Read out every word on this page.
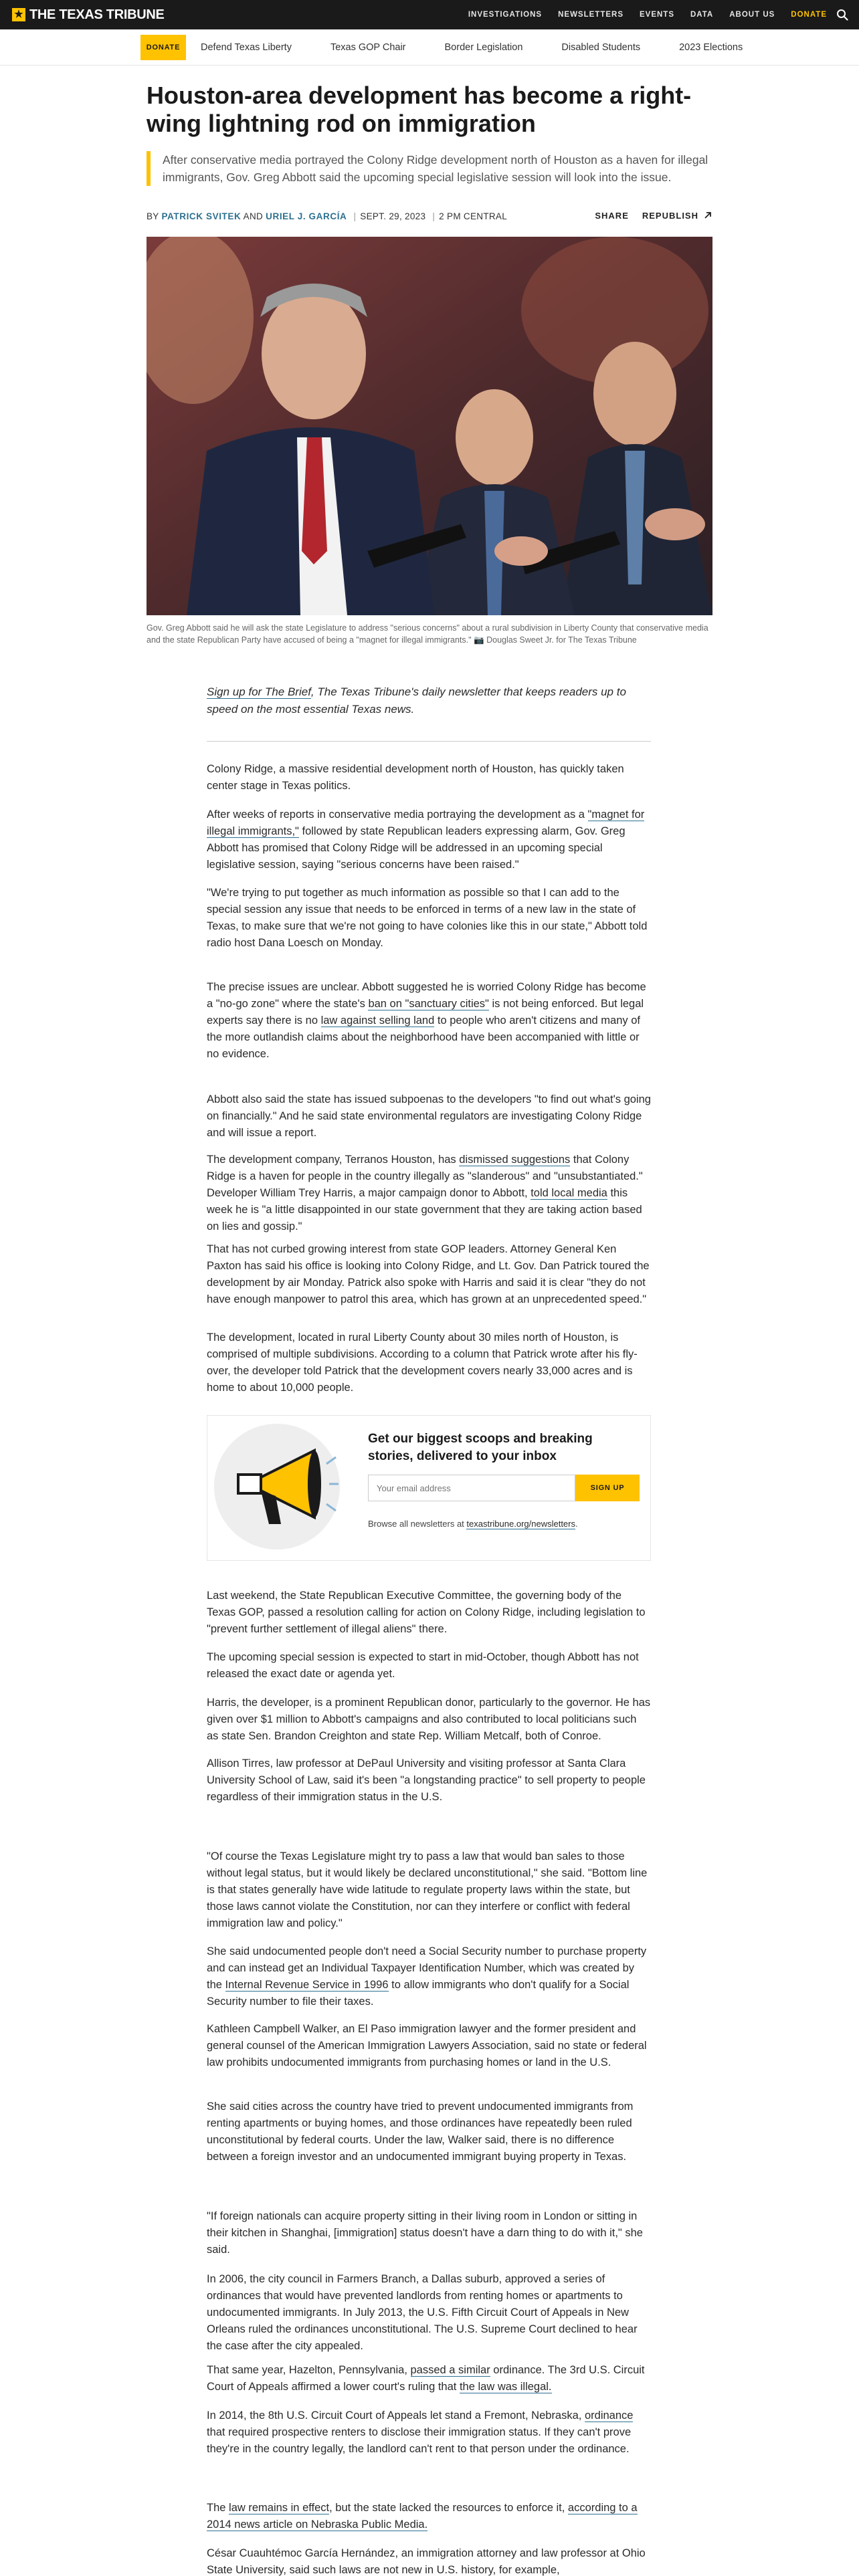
★ THE TEXAS TRIBUNE	INVESTIGATIONS NEWSLETTERS EVENTS DATA ABOUT US DONATE
DONATE	Defend Texas Liberty	Texas GOP Chair	Border Legislation	Disabled Students	2023 Elections
Houston-area development has become a right-wing lightning rod on immigration
After conservative media portrayed the Colony Ridge development north of Houston as a haven for illegal immigrants, Gov. Greg Abbott said the upcoming special legislative session will look into the issue.
BY PATRICK SVITEK AND URIEL J. GARCÍA | SEPT. 29, 2023 | 2 PM CENTRAL	SHARE REPUBLISH
Gov. Greg Abbott said he will ask the state Legislature to address "serious concerns" about a rural subdivision in Liberty County that conservative media and the state Republican Party have accused of being a "magnet for illegal immigrants." 📷 Douglas Sweet Jr. for The Texas Tribune
Sign up for The Brief, The Texas Tribune's daily newsletter that keeps readers up to speed on the most essential Texas news.
Colony Ridge, a massive residential development north of Houston, has quickly taken center stage in Texas politics.
After weeks of reports in conservative media portraying the development as a "magnet for illegal immigrants," followed by state Republican leaders expressing alarm, Gov. Greg Abbott has promised that Colony Ridge will be addressed in an upcoming special legislative session, saying "serious concerns have been raised."
"We're trying to put together as much information as possible so that I can add to the special session any issue that needs to be enforced in terms of a new law in the state of Texas, to make sure that we're not going to have colonies like this in our state," Abbott told radio host Dana Loesch on Monday.
The precise issues are unclear. Abbott suggested he is worried Colony Ridge has become a "no-go zone" where the state's ban on "sanctuary cities" is not being enforced. But legal experts say there is no law against selling land to people who aren't citizens and many of the more outlandish claims about the neighborhood have been accompanied with little or no evidence.
Abbott also said the state has issued subpoenas to the developers "to find out what's going on financially." And he said state environmental regulators are investigating Colony Ridge and will issue a report.
The development company, Terranos Houston, has dismissed suggestions that Colony Ridge is a haven for people in the country illegally as "slanderous" and "unsubstantiated." Developer William Trey Harris, a major campaign donor to Abbott, told local media this week he is "a little disappointed in our state government that they are taking action based on lies and gossip."
That has not curbed growing interest from state GOP leaders. Attorney General Ken Paxton has said his office is looking into Colony Ridge, and Lt. Gov. Dan Patrick toured the development by air Monday. Patrick also spoke with Harris and said it is clear "they do not have enough manpower to patrol this area, which has grown at an unprecedented speed."
The development, located in rural Liberty County about 30 miles north of Houston, is comprised of multiple subdivisions. According to a column that Patrick wrote after his fly-over, the developer told Patrick that the development covers nearly 33,000 acres and is home to about 10,000 people.
Get our biggest scoops and breaking stories, delivered to your inbox
Your email address
SIGN UP
Browse all newsletters at texastribune.org/newsletters.
Last weekend, the State Republican Executive Committee, the governing body of the Texas GOP, passed a resolution calling for action on Colony Ridge, including legislation to "prevent further settlement of illegal aliens" there.
The upcoming special session is expected to start in mid-October, though Abbott has not released the exact date or agenda yet.
Harris, the developer, is a prominent Republican donor, particularly to the governor. He has given over $1 million to Abbott's campaigns and also contributed to local politicians such as state Sen. Brandon Creighton and state Rep. William Metcalf, both of Conroe.
Allison Tirres, law professor at DePaul University and visiting professor at Santa Clara University School of Law, said it's been "a longstanding practice" to sell property to people regardless of their immigration status in the U.S.
"Of course the Texas Legislature might try to pass a law that would ban sales to those without legal status, but it would likely be declared unconstitutional," she said. "Bottom line is that states generally have wide latitude to regulate property laws within the state, but those laws cannot violate the Constitution, nor can they interfere or conflict with federal immigration law and policy."
She said undocumented people don't need a Social Security number to purchase property and can instead get an Individual Taxpayer Identification Number, which was created by the Internal Revenue Service in 1996 to allow immigrants who don't qualify for a Social Security number to file their taxes.
Kathleen Campbell Walker, an El Paso immigration lawyer and the former president and general counsel of the American Immigration Lawyers Association, said no state or federal law prohibits undocumented immigrants from purchasing homes or land in the U.S.
She said cities across the country have tried to prevent undocumented immigrants from renting apartments or buying homes, and those ordinances have repeatedly been ruled unconstitutional by federal courts. Under the law, Walker said, there is no difference between a foreign investor and an undocumented immigrant buying property in Texas.
"If foreign nationals can acquire property sitting in their living room in London or sitting in their kitchen in Shanghai, [immigration] status doesn't have a darn thing to do with it," she said.
In 2006, the city council in Farmers Branch, a Dallas suburb, approved a series of ordinances that would have prevented landlords from renting homes or apartments to undocumented immigrants. In July 2013, the U.S. Fifth Circuit Court of Appeals in New Orleans ruled the ordinances unconstitutional. The U.S. Supreme Court declined to hear the case after the city appealed.
That same year, Hazelton, Pennsylvania, passed a similar ordinance. The 3rd U.S. Circuit Court of Appeals affirmed a lower court's ruling that the law was illegal.
In 2014, the 8th U.S. Circuit Court of Appeals let stand a Fremont, Nebraska, ordinance that required prospective renters to disclose their immigration status. If they can't prove they're in the country legally, the landlord can't rent to that person under the ordinance.
The law remains in effect, but the state lacked the resources to enforce it, according to a 2014 news article on Nebraska Public Media.
César Cuauhtémoc García Hernández, an immigration attorney and law professor at Ohio State University, said such laws are not new in U.S. history, for example,
